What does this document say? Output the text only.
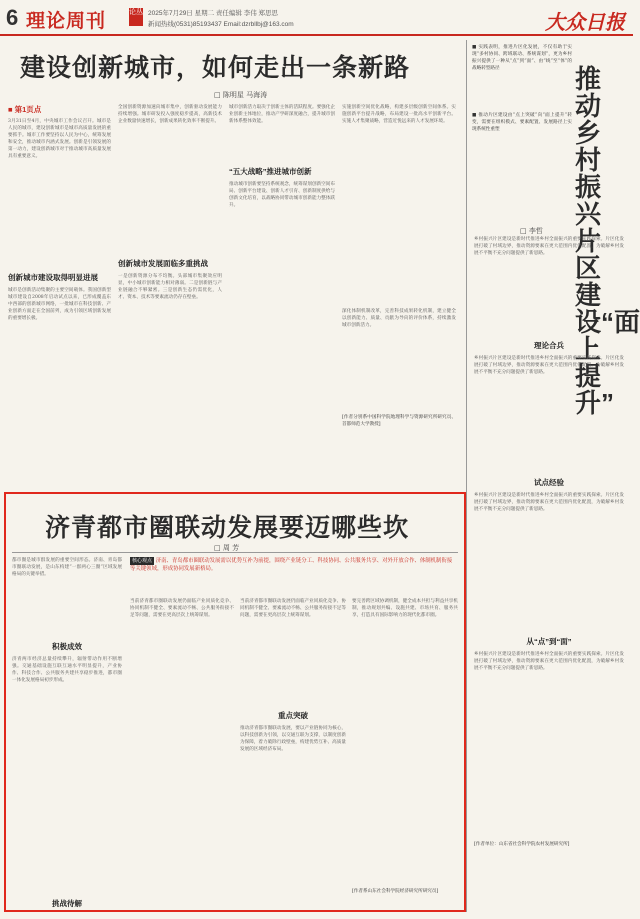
6 理论周刊	论丛 2025年7月29日 星期二 责任编辑 李伟 郑思思
新闻热线(0531)85193437 Email:dzrbllbj@163.com	大众日报
建设创新城市，如何走出一条新路
□ 陈明星 马海涛
■ 第1页点
3月31日至4月，中央城市工作会议召开。城市是人民的城市，建设创新城市是城市高质量发展的重要抓手。城市工作要坚持以人民为中心，统筹发展和安全，推动城市内涵式发展。创新是引领发展的第一动力，建设创新城市对于推动城市高质量发展具有重要意义。
创新城市建设取得明显进展
城市是创新活动集聚的主要空间载体。我国创新型城市建设自2008年启动试点以来，已形成覆盖东中西部的创新城市网络，一批城市在科技创新、产业创新方面走在全国前列，成为引领区域创新发展的重要增长极。
全国创新资源加速向城市集中，创新驱动发展能力持续增强。城市研发投入强度稳步提高，高新技术企业数量快速增长，创新成果转化效率不断提升。
创新城市发展面临多重挑战
一是创新资源分布不均衡。头部城市集聚效应明显，中小城市创新能力相对薄弱。二是创新链与产业链融合不够紧密。三是创新生态仍需优化，人才、资本、技术等要素流动仍存在壁垒。
城市创新活力取决于创新主体的活跃程度。要强化企业创新主体地位，推动产学研深度融合，提升城市创新体系整体效能。
“五大战略”推进城市创新
推动城市创新要坚持系统观念，统筹谋划创新空间布局、创新平台建设、创新人才引育、创新制度供给与创新文化培育，以战略协同带动城市创新能力整体跃升。
实施创新空间优化战略，构建多层级创新空间体系。实施创新平台提升战略，布局建设一批高水平创新平台。实施人才集聚战略，营造近悦远来的人才发展环境。
深化体制机制改革，完善科技成果转化机制，建立健全以创新能力、质量、贡献为导向的评价体系，持续激发城市创新活力。
[作者分别系中国科学院地理科学与资源研究所研究员、首都师范大学教授]
■ 实践表明，推进片区化发展，不仅有助于实现“多村协同、跨域联动、系统谋划”，更为乡村振兴提供了一种从“点”到“面”、由“线”至“体”的战略转型路径
■ 推动片区建设由“点上突破”向“面上提升”转变，需要在组织模式、要素配置、发展路径上实现系统性重塑
推动乡村振兴片区建设“面上提升”
□ 李哲
乡村振兴片区建设是新时代推进乡村全面振兴的重要实践探索。片区化发展打破了村域边界，推动资源要素在更大范围内优化配置，为破解乡村发展不平衡不充分问题提供了新思路。
理论合兵
乡村振兴片区建设是新时代推进乡村全面振兴的重要实践探索。片区化发展打破了村域边界，推动资源要素在更大范围内优化配置，为破解乡村发展不平衡不充分问题提供了新思路。
试点经验
乡村振兴片区建设是新时代推进乡村全面振兴的重要实践探索。片区化发展打破了村域边界，推动资源要素在更大范围内优化配置，为破解乡村发展不平衡不充分问题提供了新思路。
从“点”到“面”
乡村振兴片区建设是新时代推进乡村全面振兴的重要实践探索。片区化发展打破了村域边界，推动资源要素在更大范围内优化配置，为破解乡村发展不平衡不充分问题提供了新思路。
[作者单位：山东省社会科学院农村发展研究所]
济青都市圈联动发展要迈哪些坎
□ 周 芳
核心观点 济南、青岛都市圈联动发展需以优势互补为前提，围绕产业链分工、科技协同、公共服务共享、对外开放合作、体制机制衔接等关键领域，形成协同发展新格局。
都市圈是城市群发展的重要空间形态。济南、青岛都市圈联动发展，是山东构建“一群两心三圈”区域发展格局的关键举措。
积极成效
济青两市经济总量持续攀升，辐射带动作用不断增强。交通基础设施互联互通水平明显提升，产业协作、科技合作、公共服务共建共享稳步推进，都市圈一体化发展格局初步形成。
挑战待解
当前济青都市圈联动发展仍面临产业同质化竞争、协同机制不健全、要素流动不畅、公共服务衔接不足等问题，需要在更高层次上统筹谋划。
当前济青都市圈联动发展仍面临产业同质化竞争、协同机制不健全、要素流动不畅、公共服务衔接不足等问题，需要在更高层次上统筹谋划。
重点突破
推动济青都市圈联动发展，要以产业链协同为核心，以科技创新为引领，以交通互联为支撑，以制度创新为保障，着力破除行政壁垒，构建优势互补、高质量发展的区域经济布局。
要完善跨区域协调机制，健全成本共担与利益共享机制，推动规划共编、设施共建、市场共育、服务共享，打造具有国际影响力的现代化都市圈。
[作者系山东社会科学院经济研究所研究员]
